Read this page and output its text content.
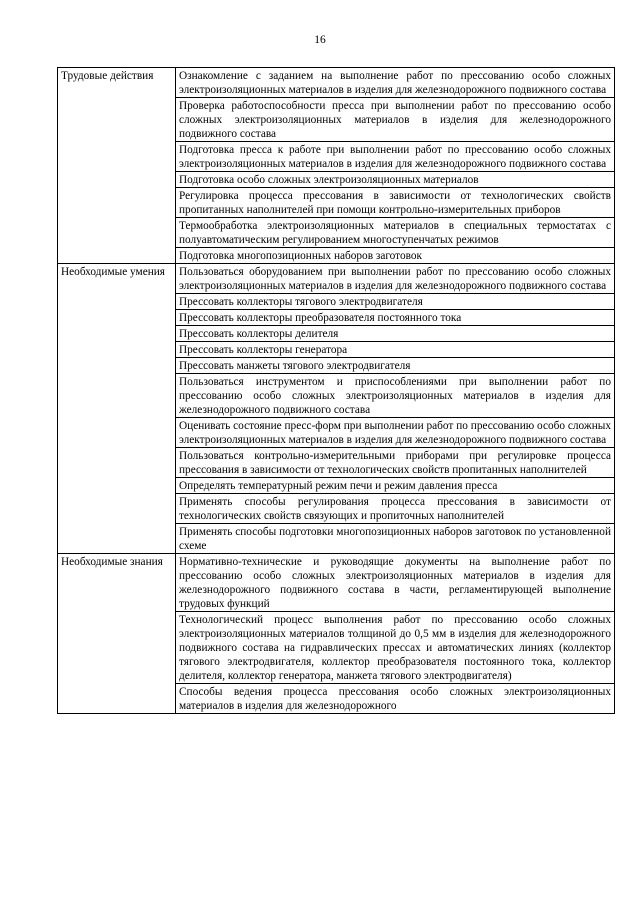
16
Трудовые действия	Ознакомление с заданием на выполнение работ по прессованию особо сложных электроизоляционных материалов в изделия для железнодорожного подвижного состава
	Проверка работоспособности пресса при выполнении работ по прессованию особо сложных электроизоляционных материалов в изделия для железнодорожного подвижного состава
	Подготовка пресса к работе при выполнении работ по прессованию особо сложных электроизоляционных материалов в изделия для железнодорожного подвижного состава
	Подготовка особо сложных электроизоляционных материалов
	Регулировка процесса прессования в зависимости от технологических свойств пропитанных наполнителей при помощи контрольно-измерительных приборов
	Термообработка электроизоляционных материалов в специальных термостатах с полуавтоматическим регулированием многоступенчатых режимов
	Подготовка многопозиционных наборов заготовок
Необходимые умения	Пользоваться оборудованием при выполнении работ по прессованию особо сложных электроизоляционных материалов в изделия для железнодорожного подвижного состава
	Прессовать коллекторы тягового электродвигателя
	Прессовать коллекторы преобразователя постоянного тока
	Прессовать коллекторы делителя
	Прессовать коллекторы генератора
	Прессовать манжеты тягового электродвигателя
	Пользоваться инструментом и приспособлениями при выполнении работ по прессованию особо сложных электроизоляционных материалов в изделия для железнодорожного подвижного состава
	Оценивать состояние пресс-форм при выполнении работ по прессованию особо сложных электроизоляционных материалов в изделия для железнодорожного подвижного состава
	Пользоваться контрольно-измерительными приборами при регулировке процесса прессования в зависимости от технологических свойств пропитанных наполнителей
	Определять температурный режим печи и режим давления пресса
	Применять способы регулирования процесса прессования в зависимости от технологических свойств связующих и пропиточных наполнителей
	Применять способы подготовки многопозиционных наборов заготовок по установленной схеме
Необходимые знания	Нормативно-технические и руководящие документы на выполнение работ по прессованию особо сложных электроизоляционных материалов в изделия для железнодорожного подвижного состава в части, регламентирующей выполнение трудовых функций
	Технологический процесс выполнения работ по прессованию особо сложных электроизоляционных материалов толщиной до 0,5 мм в изделия для железнодорожного подвижного состава на гидравлических прессах и автоматических линиях (коллектор тягового электродвигателя, коллектор преобразователя постоянного тока, коллектор делителя, коллектор генератора, манжета тягового электродвигателя)
	Способы ведения процесса прессования особо сложных электроизоляционных материалов в изделия для железнодорожного
